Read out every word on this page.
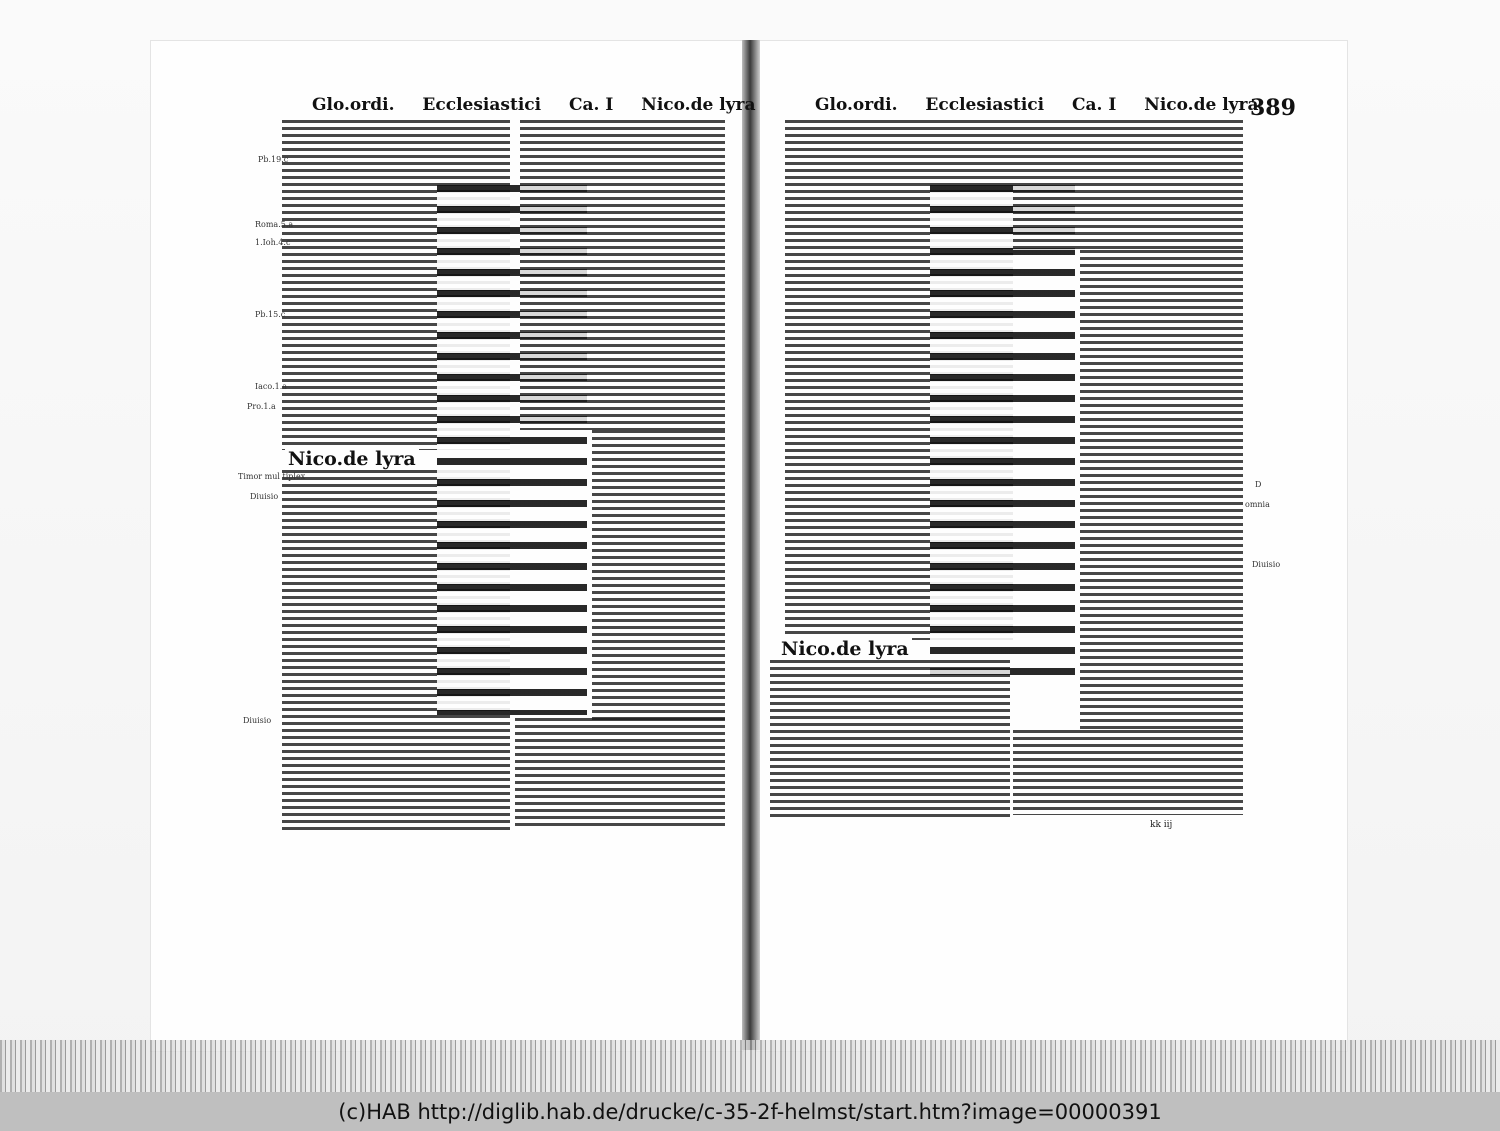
Glo.ordi. Ecclesiastici Ca. I Nico.de lyra	Glo.ordi. Ecclesiastici Ca. I Nico.de lyra
389
Nico.de lyra
Pb.19.c
Roma.5.a
1.Ioh.4.c
Pb.15.c
Iaco.1.a
Pro.1.a
Timor mul tiplex
Diuisio
Diuisio
Nico.de lyra
Diuisio
D
omnia
kk iij
(c)HAB http://diglib.hab.de/drucke/c-35-2f-helmst/start.htm?image=00000391
